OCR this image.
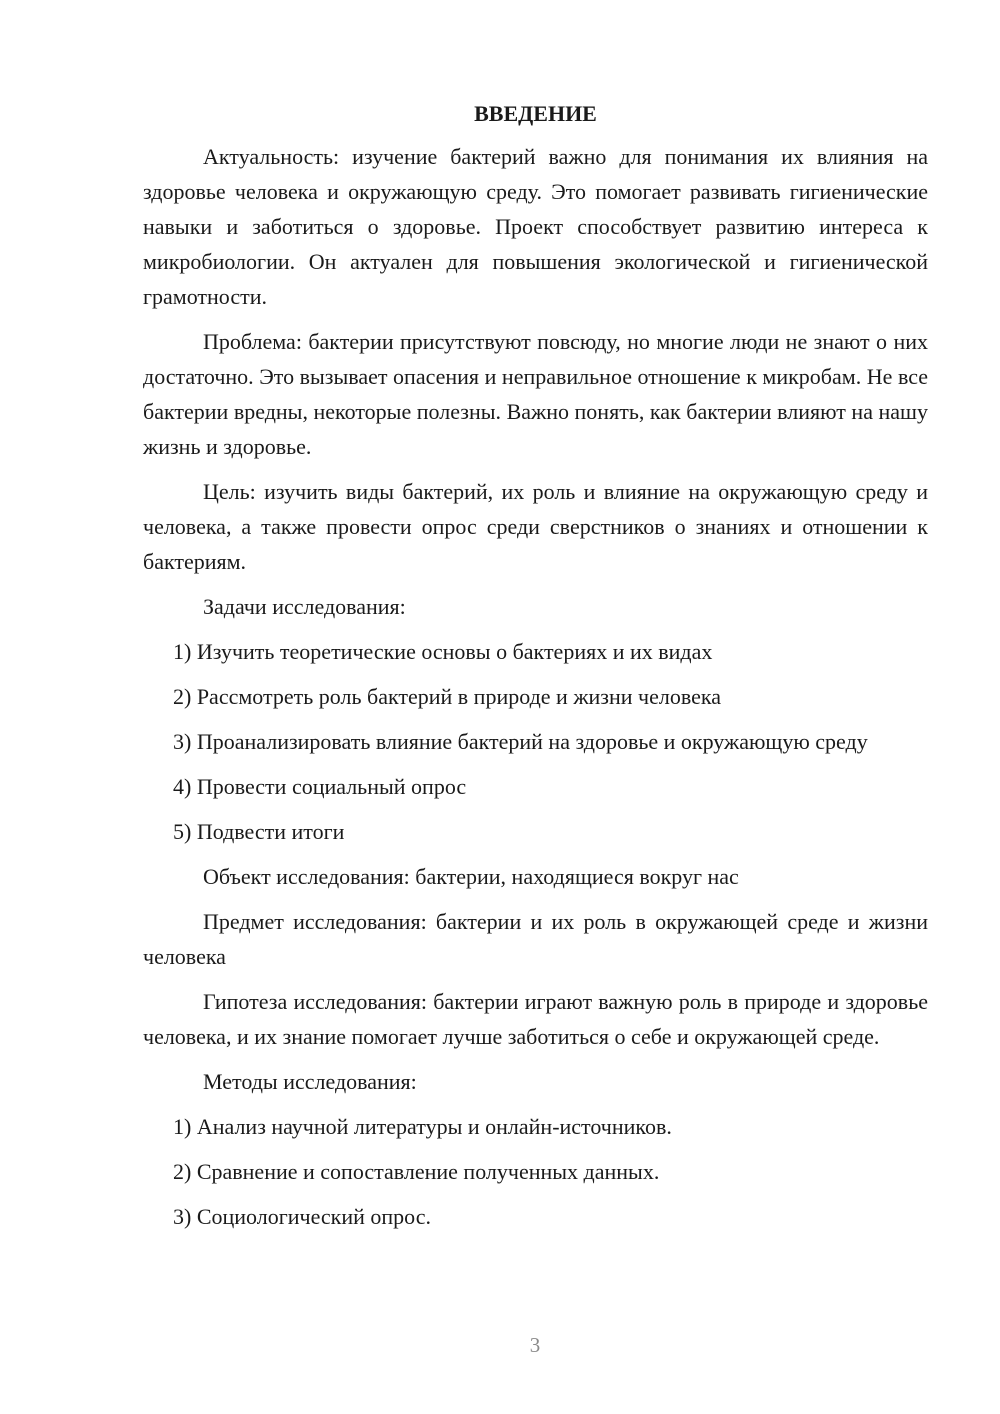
ВВЕДЕНИЕ

Актуальность: изучение бактерий важно для понимания их влияния на здоровье человека и окружающую среду. Это помогает развивать гигиенические навыки и заботиться о здоровье. Проект способствует развитию интереса к микробиологии. Он актуален для повышения экологической и гигиенической грамотности.

Проблема: бактерии присутствуют повсюду, но многие люди не знают о них достаточно. Это вызывает опасения и неправильное отношение к микробам. Не все бактерии вредны, некоторые полезны. Важно понять, как бактерии влияют на нашу жизнь и здоровье.

Цель: изучить виды бактерий, их роль и влияние на окружающую среду и человека, а также провести опрос среди сверстников о знаниях и отношении к бактериям.

Задачи исследования:

1) Изучить теоретические основы о бактериях и их видах

2) Рассмотреть роль бактерий в природе и жизни человека

3) Проанализировать влияние бактерий на здоровье и окружающую среду

4) Провести социальный опрос

5) Подвести итоги

Объект исследования: бактерии, находящиеся вокруг нас

Предмет исследования: бактерии и их роль в окружающей среде и жизни человека

Гипотеза исследования: бактерии играют важную роль в природе и здоровье человека, и их знание помогает лучше заботиться о себе и окружающей среде.

Методы исследования:

1) Анализ научной литературы и онлайн-источников.

2) Сравнение и сопоставление полученных данных.

3) Социологический опрос.

3
